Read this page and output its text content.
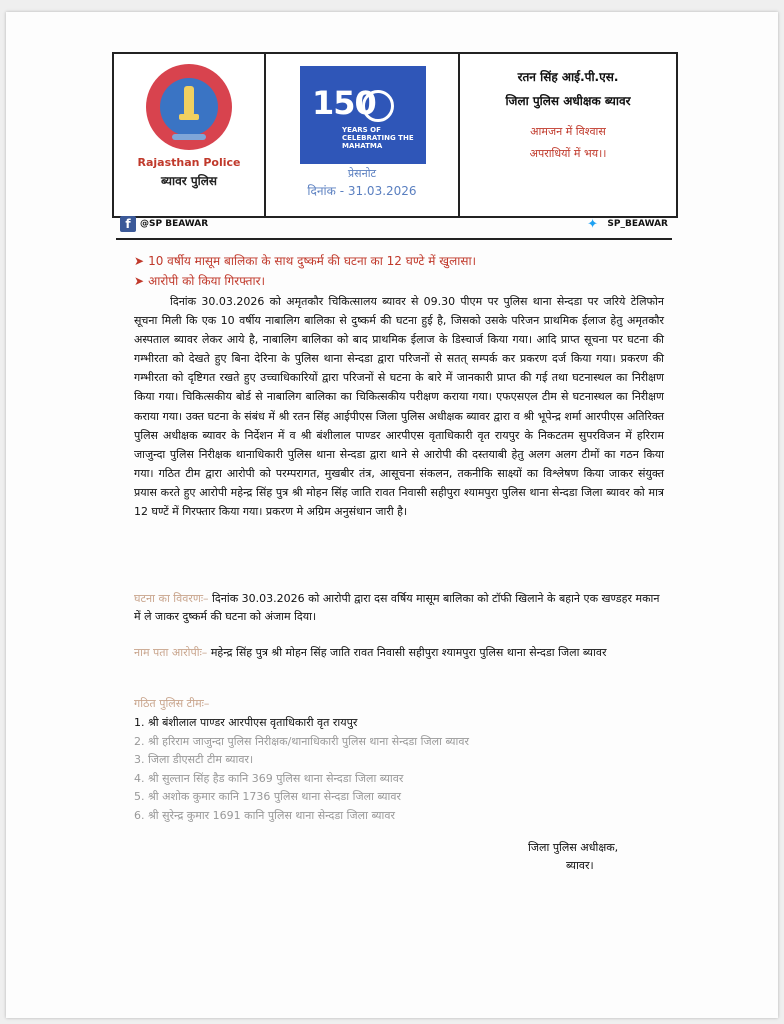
Rajasthan Police
ब्यावर पुलिस
150
YEARS OF CELEBRATING THE MAHATMA
प्रेसनोट
दिनांक - 31.03.2026
रतन सिंह आई.पी.एस.
जिला पुलिस अधीक्षक ब्यावर
आमजन में विश्वास
अपराधियों में भय।।
f	@SP BEAWAR	✦ SP_BEAWAR
➤ 10 वर्षीय मासूम बालिका के साथ दुष्कर्म की घटना का 12 घण्टे में खुलासा।
➤ आरोपी को किया गिरफ्तार।
दिनांक 30.03.2026 को अमृतकौर चिकित्सालय ब्यावर से 09.30 पीएम पर पुलिस थाना सेन्दडा पर जरिये टेलिफोन सूचना मिली कि एक 10 वर्षीय नाबालिग बालिका से दुष्कर्म की घटना हुई है, जिसको उसके परिजन प्राथमिक ईलाज हेतु अमृतकौर अस्पताल ब्यावर लेकर आये है, नाबालिग बालिका को बाद प्राथमिक ईलाज के डिस्चार्ज किया गया। आदि प्राप्त सूचना पर घटना की गम्भीरता को देखते हुए बिना देरिना के पुलिस थाना सेन्दडा द्वारा परिजनों से सतत् सम्पर्क कर प्रकरण दर्ज किया गया। प्रकरण की गम्भीरता को दृष्टिगत रखते हुए उच्चाधिकारियों द्वारा परिजनों से घटना के बारे में जानकारी प्राप्त की गई तथा घटनास्थल का निरीक्षण किया गया। चिकित्सकीय बोर्ड से नाबालिग बालिका का चिकित्सकीय परीक्षण कराया गया। एफएसएल टीम से घटनास्थल का निरीक्षण कराया गया। उक्त घटना के संबंध में श्री रतन सिंह आईपीएस जिला पुलिस अधीक्षक ब्यावर द्वारा व श्री भूपेन्द्र शर्मा आरपीएस अतिरिक्त पुलिस अधीक्षक ब्यावर के निर्देशन में व श्री बंशीलाल पाण्डर आरपीएस वृताधिकारी वृत रायपुर के निकटतम सुपरविजन में हरिराम जाजुन्दा पुलिस निरीक्षक थानाधिकारी पुलिस थाना सेन्दडा द्वारा थाने से आरोपी की दस्तयाबी हेतु अलग अलग टीमों का गठन किया गया। गठित टीम द्वारा आरोपी को परम्परागत, मुखबीर तंत्र, आसूचना संकलन, तकनीकि साक्ष्यों का विश्लेषण किया जाकर संयुक्त प्रयास करते हुए आरोपी महेन्द्र सिंह पुत्र श्री मोहन सिंह जाति रावत निवासी सहीपुरा श्यामपुरा पुलिस थाना सेन्दडा जिला ब्यावर को मात्र 12 घण्टें में गिरफ्तार किया गया। प्रकरण मे अग्रिम अनुसंधान जारी है।
घटना का विवरणः– दिनांक 30.03.2026 को आरोपी द्वारा दस वर्षिय मासूम बालिका को टॉफी खिलाने के बहाने एक खण्डहर मकान में ले जाकर दुष्कर्म की घटना को अंजाम दिया।
नाम पता आरोपीः– महेन्द्र सिंह पुत्र श्री मोहन सिंह जाति रावत निवासी सहीपुरा श्यामपुरा पुलिस थाना सेन्दडा जिला ब्यावर
गठित पुलिस टीमः–
1. श्री बंशीलाल पाण्डर आरपीएस वृताधिकारी वृत रायपुर
2. श्री हरिराम जाजुन्दा पुलिस निरीक्षक/थानाधिकारी पुलिस थाना सेन्दडा जिला ब्यावर
3. जिला डीएसटी टीम ब्यावर।
4. श्री सुल्तान सिंह हैड कानि 369 पुलिस थाना सेन्दडा जिला ब्यावर
5. श्री अशोक कुमार कानि 1736 पुलिस थाना सेन्दडा जिला ब्यावर
6. श्री सुरेन्द्र कुमार 1691 कानि पुलिस थाना सेन्दडा जिला ब्यावर
जिला पुलिस अधीक्षक,
ब्यावर।
